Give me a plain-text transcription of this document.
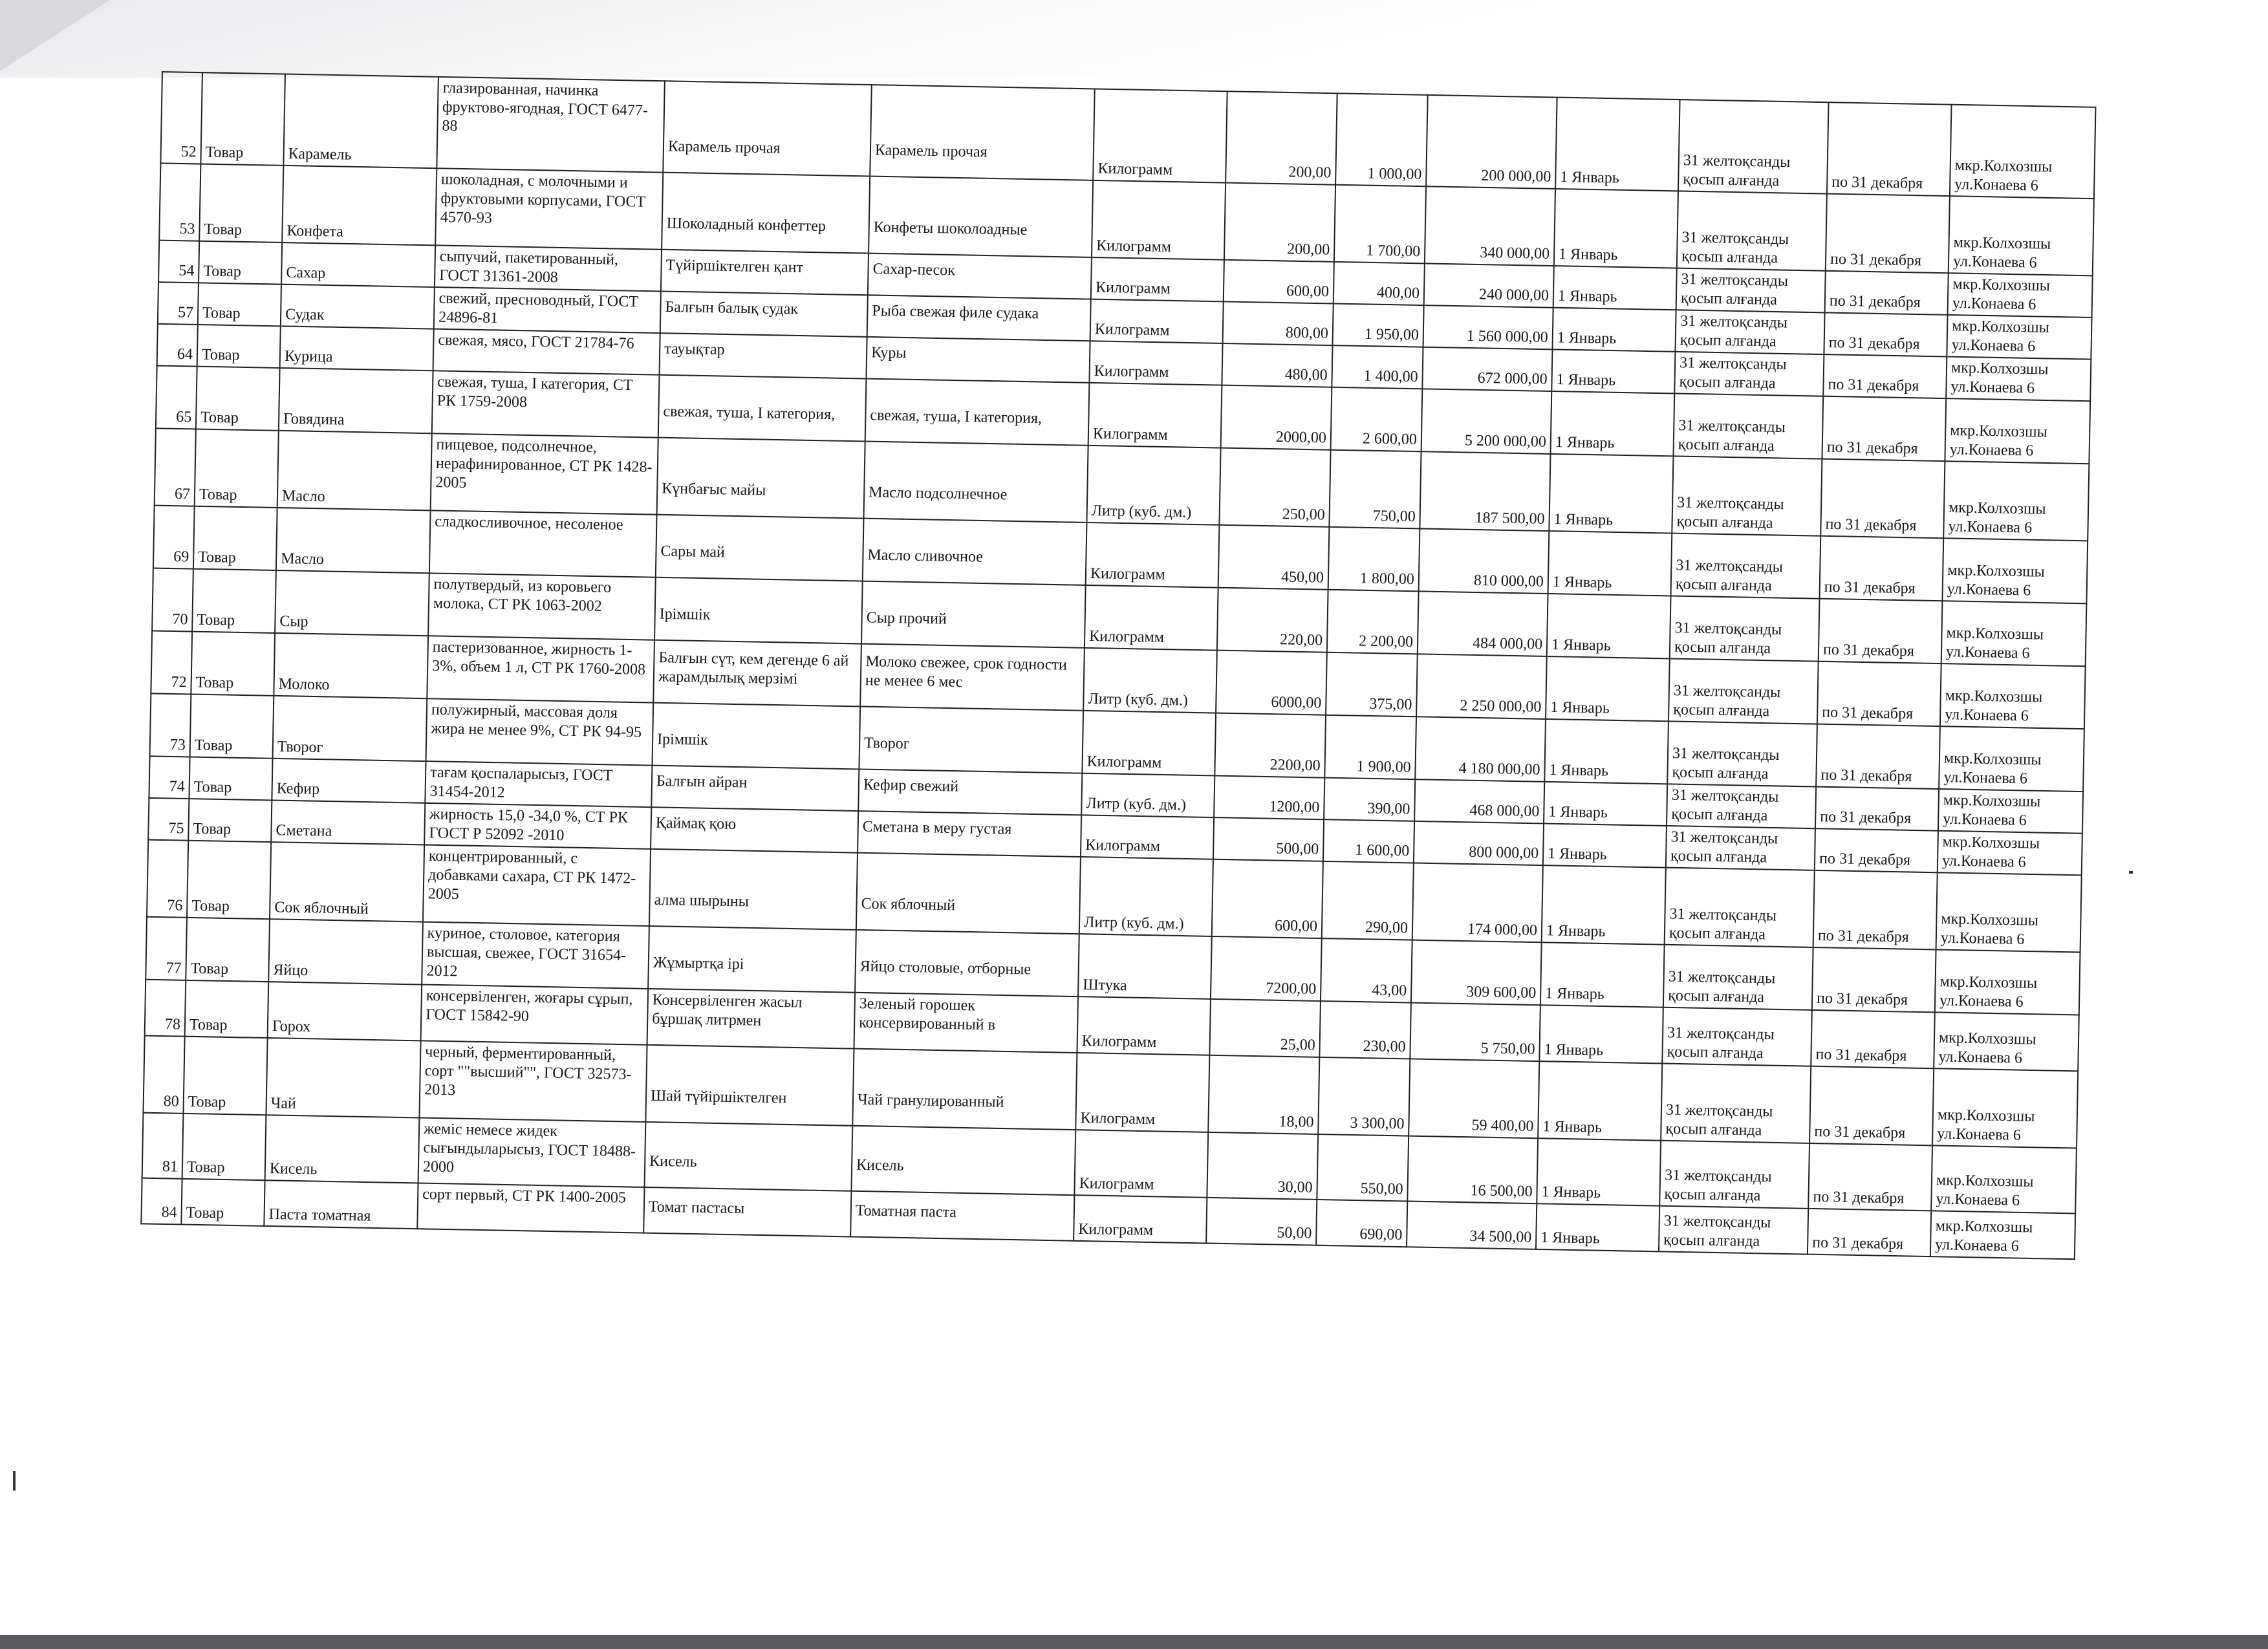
52	Товар	Карамель	глазированная, начинка фруктово-ягодная, ГОСТ 6477-88	Карамель прочая	Карамель прочая	Килограмм	200,00	1 000,00	200 000,00	1 Январь	31 желтоқсанды қосып алғанда	по 31 декабря	мкр.Колхозшы ул.Конаева 6
53	Товар	Конфета	шоколадная, с молочными и фруктовыми корпусами, ГОСТ 4570-93	Шоколадный конфеттер	Конфеты шоколоадные	Килограмм	200,00	1 700,00	340 000,00	1 Январь	31 желтоқсанды қосып алғанда	по 31 декабря	мкр.Колхозшы ул.Конаева 6
54	Товар	Сахар	сыпучий, пакетированный, ГОСТ 31361-2008	Түйіршіктелген қант	Сахар-песок	Килограмм	600,00	400,00	240 000,00	1 Январь	31 желтоқсанды қосып алғанда	по 31 декабря	мкр.Колхозшы ул.Конаева 6
57	Товар	Судак	свежий, пресноводный, ГОСТ 24896-81	Балғын балық судак	Рыба свежая филе судака	Килограмм	800,00	1 950,00	1 560 000,00	1 Январь	31 желтоқсанды қосып алғанда	по 31 декабря	мкр.Колхозшы ул.Конаева 6
64	Товар	Курица	свежая, мясо, ГОСТ 21784-76	тауықтар	Куры	Килограмм	480,00	1 400,00	672 000,00	1 Январь	31 желтоқсанды қосып алғанда	по 31 декабря	мкр.Колхозшы ул.Конаева 6
65	Товар	Говядина	свежая, туша, I категория, СТ РК 1759-2008	свежая, туша, I категория,	свежая, туша, I категория,	Килограмм	2000,00	2 600,00	5 200 000,00	1 Январь	31 желтоқсанды қосып алғанда	по 31 декабря	мкр.Колхозшы ул.Конаева 6
67	Товар	Масло	пищевое, подсолнечное, нерафинированное, СТ РК 1428-2005	Күнбағыс майы	Масло подсолнечное	Литр (куб. дм.)	250,00	750,00	187 500,00	1 Январь	31 желтоқсанды қосып алғанда	по 31 декабря	мкр.Колхозшы ул.Конаева 6
69	Товар	Масло	сладкосливочное, несоленое	Сары май	Масло сливочное	Килограмм	450,00	1 800,00	810 000,00	1 Январь	31 желтоқсанды қосып алғанда	по 31 декабря	мкр.Колхозшы ул.Конаева 6
70	Товар	Сыр	полутвердый, из коровьего молока, СТ РК 1063-2002	Ірімшік	Сыр прочий	Килограмм	220,00	2 200,00	484 000,00	1 Январь	31 желтоқсанды қосып алғанда	по 31 декабря	мкр.Колхозшы ул.Конаева 6
72	Товар	Молоко	пастеризованное, жирность 1-3%, объем 1 л, СТ РК 1760-2008	Балғын сүт, кем дегенде 6 ай жарамдылық мерзімі	Молоко свежее, срок годности не менее 6 мес	Литр (куб. дм.)	6000,00	375,00	2 250 000,00	1 Январь	31 желтоқсанды қосып алғанда	по 31 декабря	мкр.Колхозшы ул.Конаева 6
73	Товар	Творог	полужирный, массовая доля жира не менее 9%, СТ РК 94-95	Ірімшік	Творог	Килограмм	2200,00	1 900,00	4 180 000,00	1 Январь	31 желтоқсанды қосып алғанда	по 31 декабря	мкр.Колхозшы ул.Конаева 6
74	Товар	Кефир	тағам қоспаларысыз, ГОСТ 31454-2012	Балғын айран	Кефир свежий	Литр (куб. дм.)	1200,00	390,00	468 000,00	1 Январь	31 желтоқсанды қосып алғанда	по 31 декабря	мкр.Колхозшы ул.Конаева 6
75	Товар	Сметана	жирность 15,0 -34,0 %, СТ РК ГОСТ Р 52092 -2010	Қаймақ қою	Сметана в меру густая	Килограмм	500,00	1 600,00	800 000,00	1 Январь	31 желтоқсанды қосып алғанда	по 31 декабря	мкр.Колхозшы ул.Конаева 6
76	Товар	Сок яблочный	концентрированный, с добавками сахара, СТ РК 1472-2005	алма шырыны	Сок яблочный	Литр (куб. дм.)	600,00	290,00	174 000,00	1 Январь	31 желтоқсанды қосып алғанда	по 31 декабря	мкр.Колхозшы ул.Конаева 6
77	Товар	Яйцо	куриное, столовое, категория высшая, свежее, ГОСТ 31654-2012	Жұмыртқа ірі	Яйцо столовые, отборные	Штука	7200,00	43,00	309 600,00	1 Январь	31 желтоқсанды қосып алғанда	по 31 декабря	мкр.Колхозшы ул.Конаева 6
78	Товар	Горох	консервіленген, жоғары сұрып, ГОСТ 15842-90	Консервіленген жасыл бұршақ литрмен	Зеленый горошек консервированный в	Килограмм	25,00	230,00	5 750,00	1 Январь	31 желтоқсанды қосып алғанда	по 31 декабря	мкр.Колхозшы ул.Конаева 6
80	Товар	Чай	черный, ферментированный, сорт ""высший"", ГОСТ 32573-2013	Шай түйіршіктелген	Чай гранулированный	Килограмм	18,00	3 300,00	59 400,00	1 Январь	31 желтоқсанды қосып алғанда	по 31 декабря	мкр.Колхозшы ул.Конаева 6
81	Товар	Кисель	жеміс немесе жидек сығындыларысыз, ГОСТ 18488-2000	Кисель	Кисель	Килограмм	30,00	550,00	16 500,00	1 Январь	31 желтоқсанды қосып алғанда	по 31 декабря	мкр.Колхозшы ул.Конаева 6
84	Товар	Паста томатная	сорт первый, СТ РК 1400-2005	Томат пастасы	Томатная паста	Килограмм	50,00	690,00	34 500,00	1 Январь	31 желтоқсанды қосып алғанда	по 31 декабря	мкр.Колхозшы ул.Конаева 6
